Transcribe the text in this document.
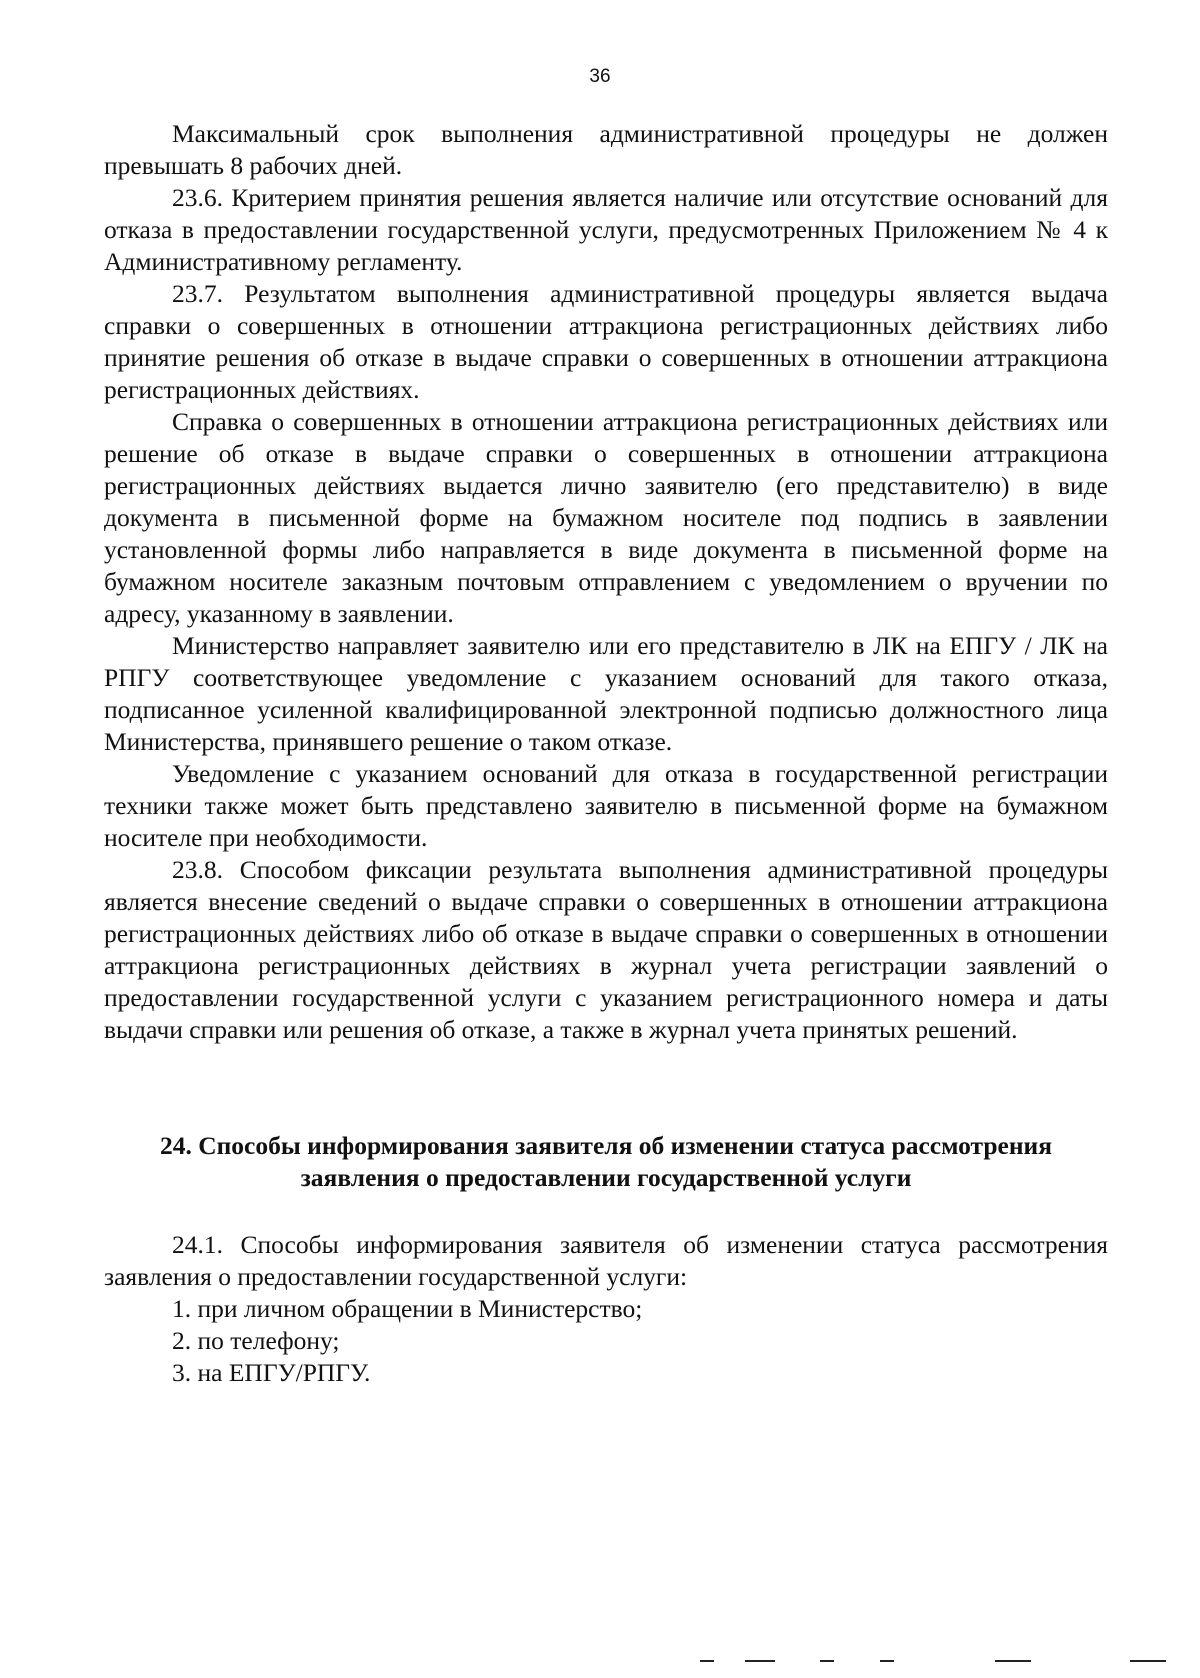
36

Максимальный срок выполнения административной процедуры не должен превышать 8 рабочих дней.

23.6. Критерием принятия решения является наличие или отсутствие оснований для отказа в предоставлении государственной услуги, предусмотренных Приложением № 4 к Административному регламенту.

23.7. Результатом выполнения административной процедуры является выдача справки о совершенных в отношении аттракциона регистрационных действиях либо принятие решения об отказе в выдаче справки о совершенных в отношении аттракциона регистрационных действиях.

Справка о совершенных в отношении аттракциона регистрационных действиях или решение об отказе в выдаче справки о совершенных в отношении аттракциона регистрационных действиях выдается лично заявителю (его представителю) в виде документа в письменной форме на бумажном носителе под подпись в заявлении установленной формы либо направляется в виде документа в письменной форме на бумажном носителе заказным почтовым отправлением с уведомлением о вручении по адресу, указанному в заявлении.

Министерство направляет заявителю или его представителю в ЛК на ЕПГУ / ЛК на РПГУ соответствующее уведомление с указанием оснований для такого отказа, подписанное усиленной квалифицированной электронной подписью должностного лица Министерства, принявшего решение о таком отказе.

Уведомление с указанием оснований для отказа в государственной регистрации техники также может быть представлено заявителю в письменной форме на бумажном носителе при необходимости.

23.8. Способом фиксации результата выполнения административной процедуры является внесение сведений о выдаче справки о совершенных в отношении аттракциона регистрационных действиях либо об отказе в выдаче справки о совершенных в отношении аттракциона регистрационных действиях в журнал учета регистрации заявлений о предоставлении государственной услуги с указанием регистрационного номера и даты выдачи справки или решения об отказе, а также в журнал учета принятых решений.

24. Способы информирования заявителя об изменении статуса рассмотрения заявления о предоставлении государственной услуги

24.1. Способы информирования заявителя об изменении статуса рассмотрения заявления о предоставлении государственной услуги:

1. при личном обращении в Министерство;
2. по телефону;
3. на ЕПГУ/РПГУ.
